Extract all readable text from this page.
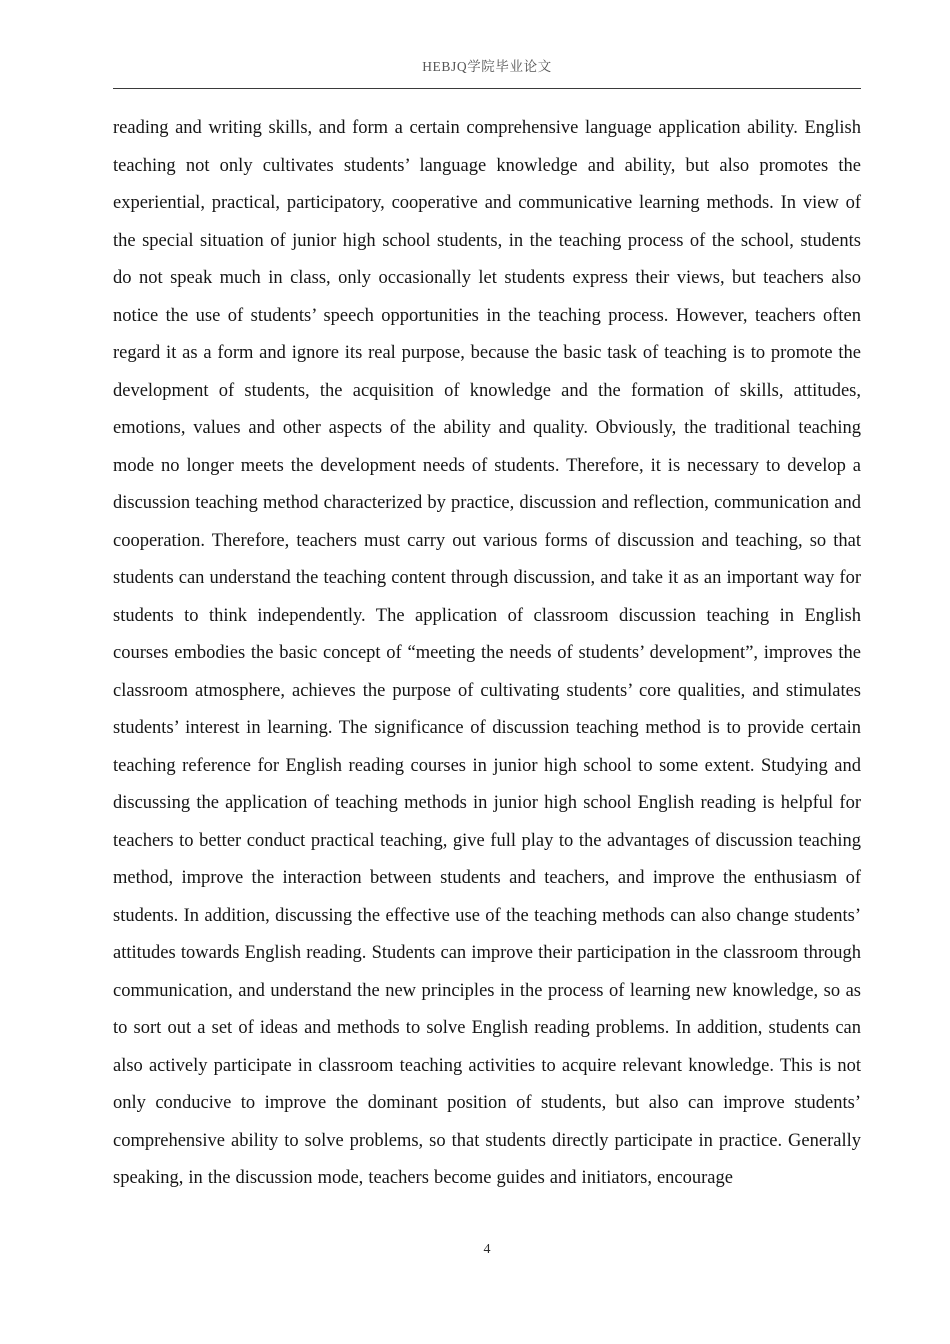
HEBJQ学院毕业论文

reading and writing skills, and form a certain comprehensive language application ability. English teaching not only cultivates students’ language knowledge and ability, but also promotes the experiential, practical, participatory, cooperative and communicative learning methods. In view of the special situation of junior high school students, in the teaching process of the school, students do not speak much in class, only occasionally let students express their views, but teachers also notice the use of students’ speech opportunities in the teaching process. However, teachers often regard it as a form and ignore its real purpose, because the basic task of teaching is to promote the development of students, the acquisition of knowledge and the formation of skills, attitudes, emotions, values and other aspects of the ability and quality. Obviously, the traditional teaching mode no longer meets the development needs of students. Therefore, it is necessary to develop a discussion teaching method characterized by practice, discussion and reflection, communication and cooperation. Therefore, teachers must carry out various forms of discussion and teaching, so that students can understand the teaching content through discussion, and take it as an important way for students to think independently. The application of classroom discussion teaching in English courses embodies the basic concept of “meeting the needs of students’ development”, improves the classroom atmosphere, achieves the purpose of cultivating students’ core qualities, and stimulates students’ interest in learning. The significance of discussion teaching method is to provide certain teaching reference for English reading courses in junior high school to some extent. Studying and discussing the application of teaching methods in junior high school English reading is helpful for teachers to better conduct practical teaching, give full play to the advantages of discussion teaching method, improve the interaction between students and teachers, and improve the enthusiasm of students. In addition, discussing the effective use of the teaching methods can also change students’ attitudes towards English reading. Students can improve their participation in the classroom through communication, and understand the new principles in the process of learning new knowledge, so as to sort out a set of ideas and methods to solve English reading problems. In addition, students can also actively participate in classroom teaching activities to acquire relevant knowledge. This is not only conducive to improve the dominant position of students, but also can improve students’ comprehensive ability to solve problems, so that students directly participate in practice. Generally speaking, in the discussion mode, teachers become guides and initiators, encourage

4
